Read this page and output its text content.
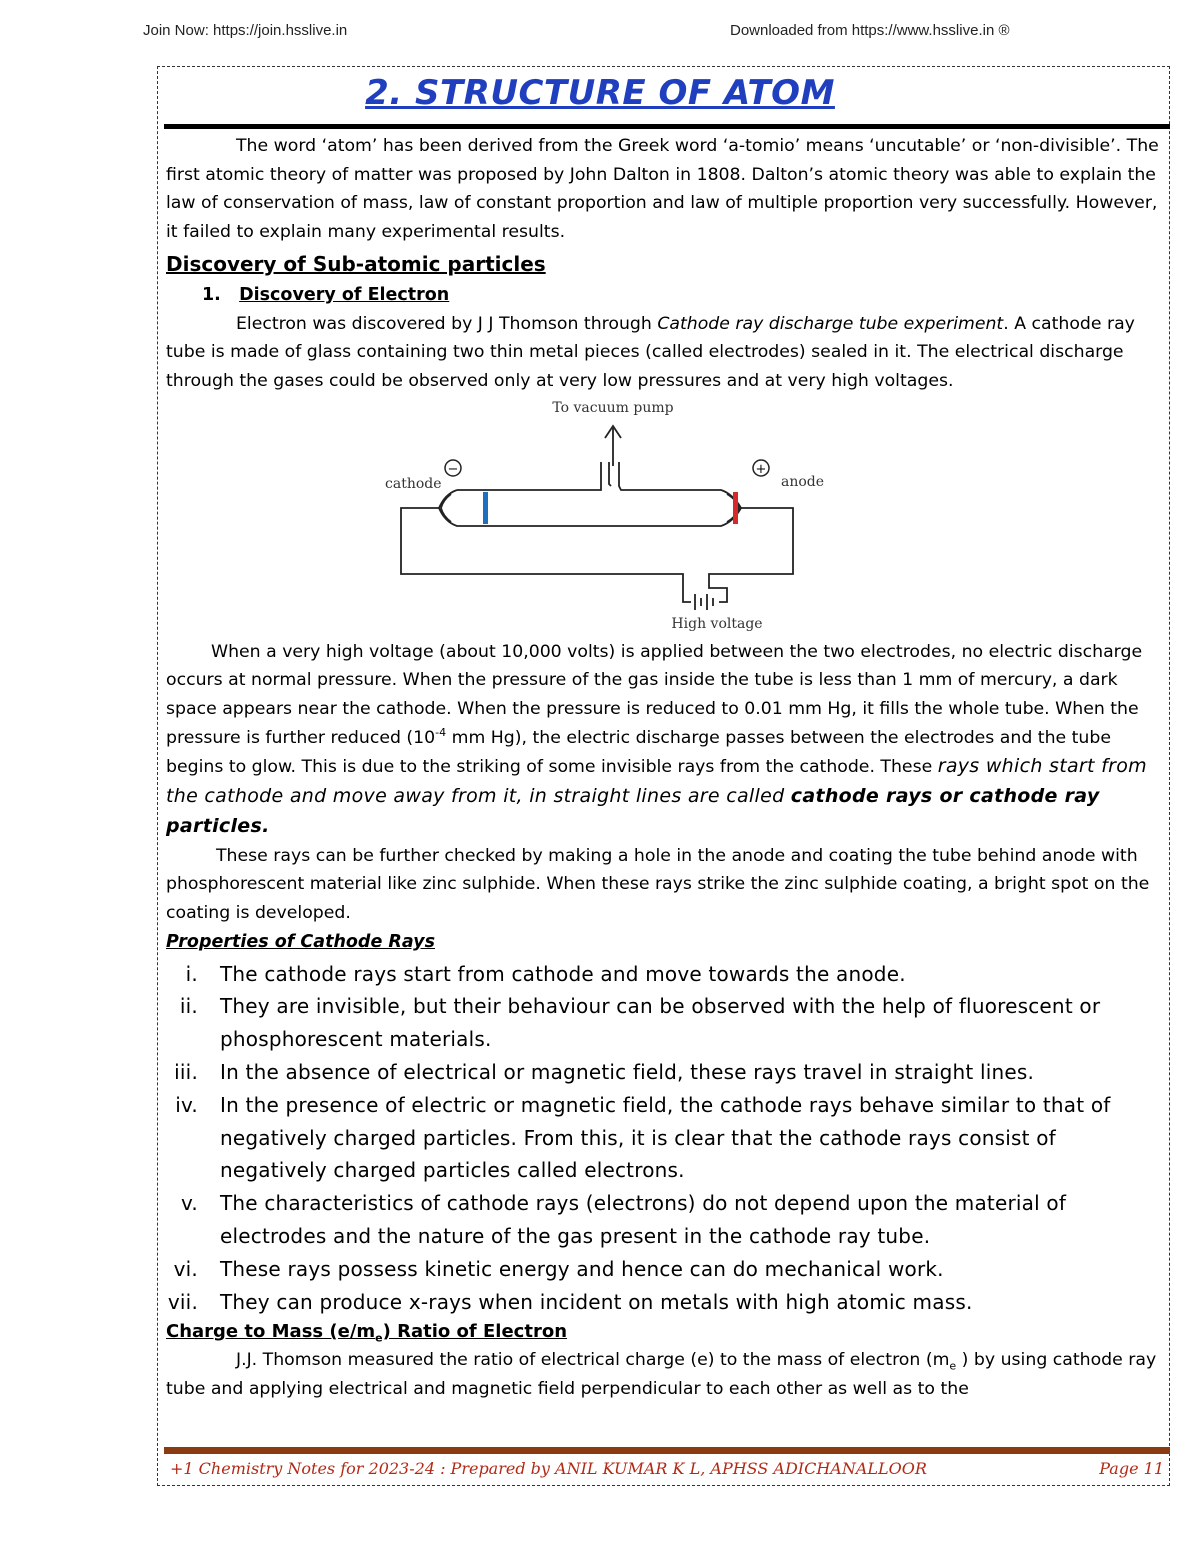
Join Now: https://join.hsslive.in	Downloaded from https://www.hsslive.in ®
2. STRUCTURE OF ATOM

The word ‘atom’ has been derived from the Greek word ‘a-tomio’ means ‘uncutable’ or ‘non-divisible’. The first atomic theory of matter was proposed by John Dalton in 1808. Dalton’s atomic theory was able to explain the law of conservation of mass, law of constant proportion and law of multiple proportion very successfully. However, it failed to explain many experimental results.

Discovery of Sub-atomic particles

1. Discovery of Electron

Electron was discovered by J J Thomson through Cathode ray discharge tube experiment. A cathode ray tube is made of glass containing two thin metal pieces (called electrodes) sealed in it. The electrical discharge through the gases could be observed only at very low pressures and at very high voltages.

−	+
To vacuum pump
cathode	anode
High voltage

When a very high voltage (about 10,000 volts) is applied between the two electrodes, no electric discharge occurs at normal pressure. When the pressure of the gas inside the tube is less than 1 mm of mercury, a dark space appears near the cathode. When the pressure is reduced to 0.01 mm Hg, it fills the whole tube. When the pressure is further reduced ($10^{-4}$ mm Hg), the electric discharge passes between the electrodes and the tube begins to glow. This is due to the striking of some invisible rays from the cathode. These rays which start from the cathode and move away from it, in straight lines are called cathode rays or cathode ray particles.

These rays can be further checked by making a hole in the anode and coating the tube behind anode with phosphorescent material like zinc sulphide. When these rays strike the zinc sulphide coating, a bright spot on the coating is developed.

Properties of Cathode Rays

i. The cathode rays start from cathode and move towards the anode.
ii. They are invisible, but their behaviour can be observed with the help of fluorescent or phosphorescent materials.
iii. In the absence of electrical or magnetic field, these rays travel in straight lines.
iv. In the presence of electric or magnetic field, the cathode rays behave similar to that of negatively charged particles. From this, it is clear that the cathode rays consist of negatively charged particles called electrons.
v. The characteristics of cathode rays (electrons) do not depend upon the material of electrodes and the nature of the gas present in the cathode ray tube.
vi. These rays possess kinetic energy and hence can do mechanical work.
vii. They can produce x-rays when incident on metals with high atomic mass.

Charge to Mass $(e/m_e)$ Ratio of Electron

J.J. Thomson measured the ratio of electrical charge (e) to the mass of electron ($m_e$ ) by using cathode ray tube and applying electrical and magnetic field perpendicular to each other as well as to the

+1 Chemistry Notes for 2023-24 : Prepared by ANIL KUMAR K L, APHSS ADICHANALLOOR	Page 11
